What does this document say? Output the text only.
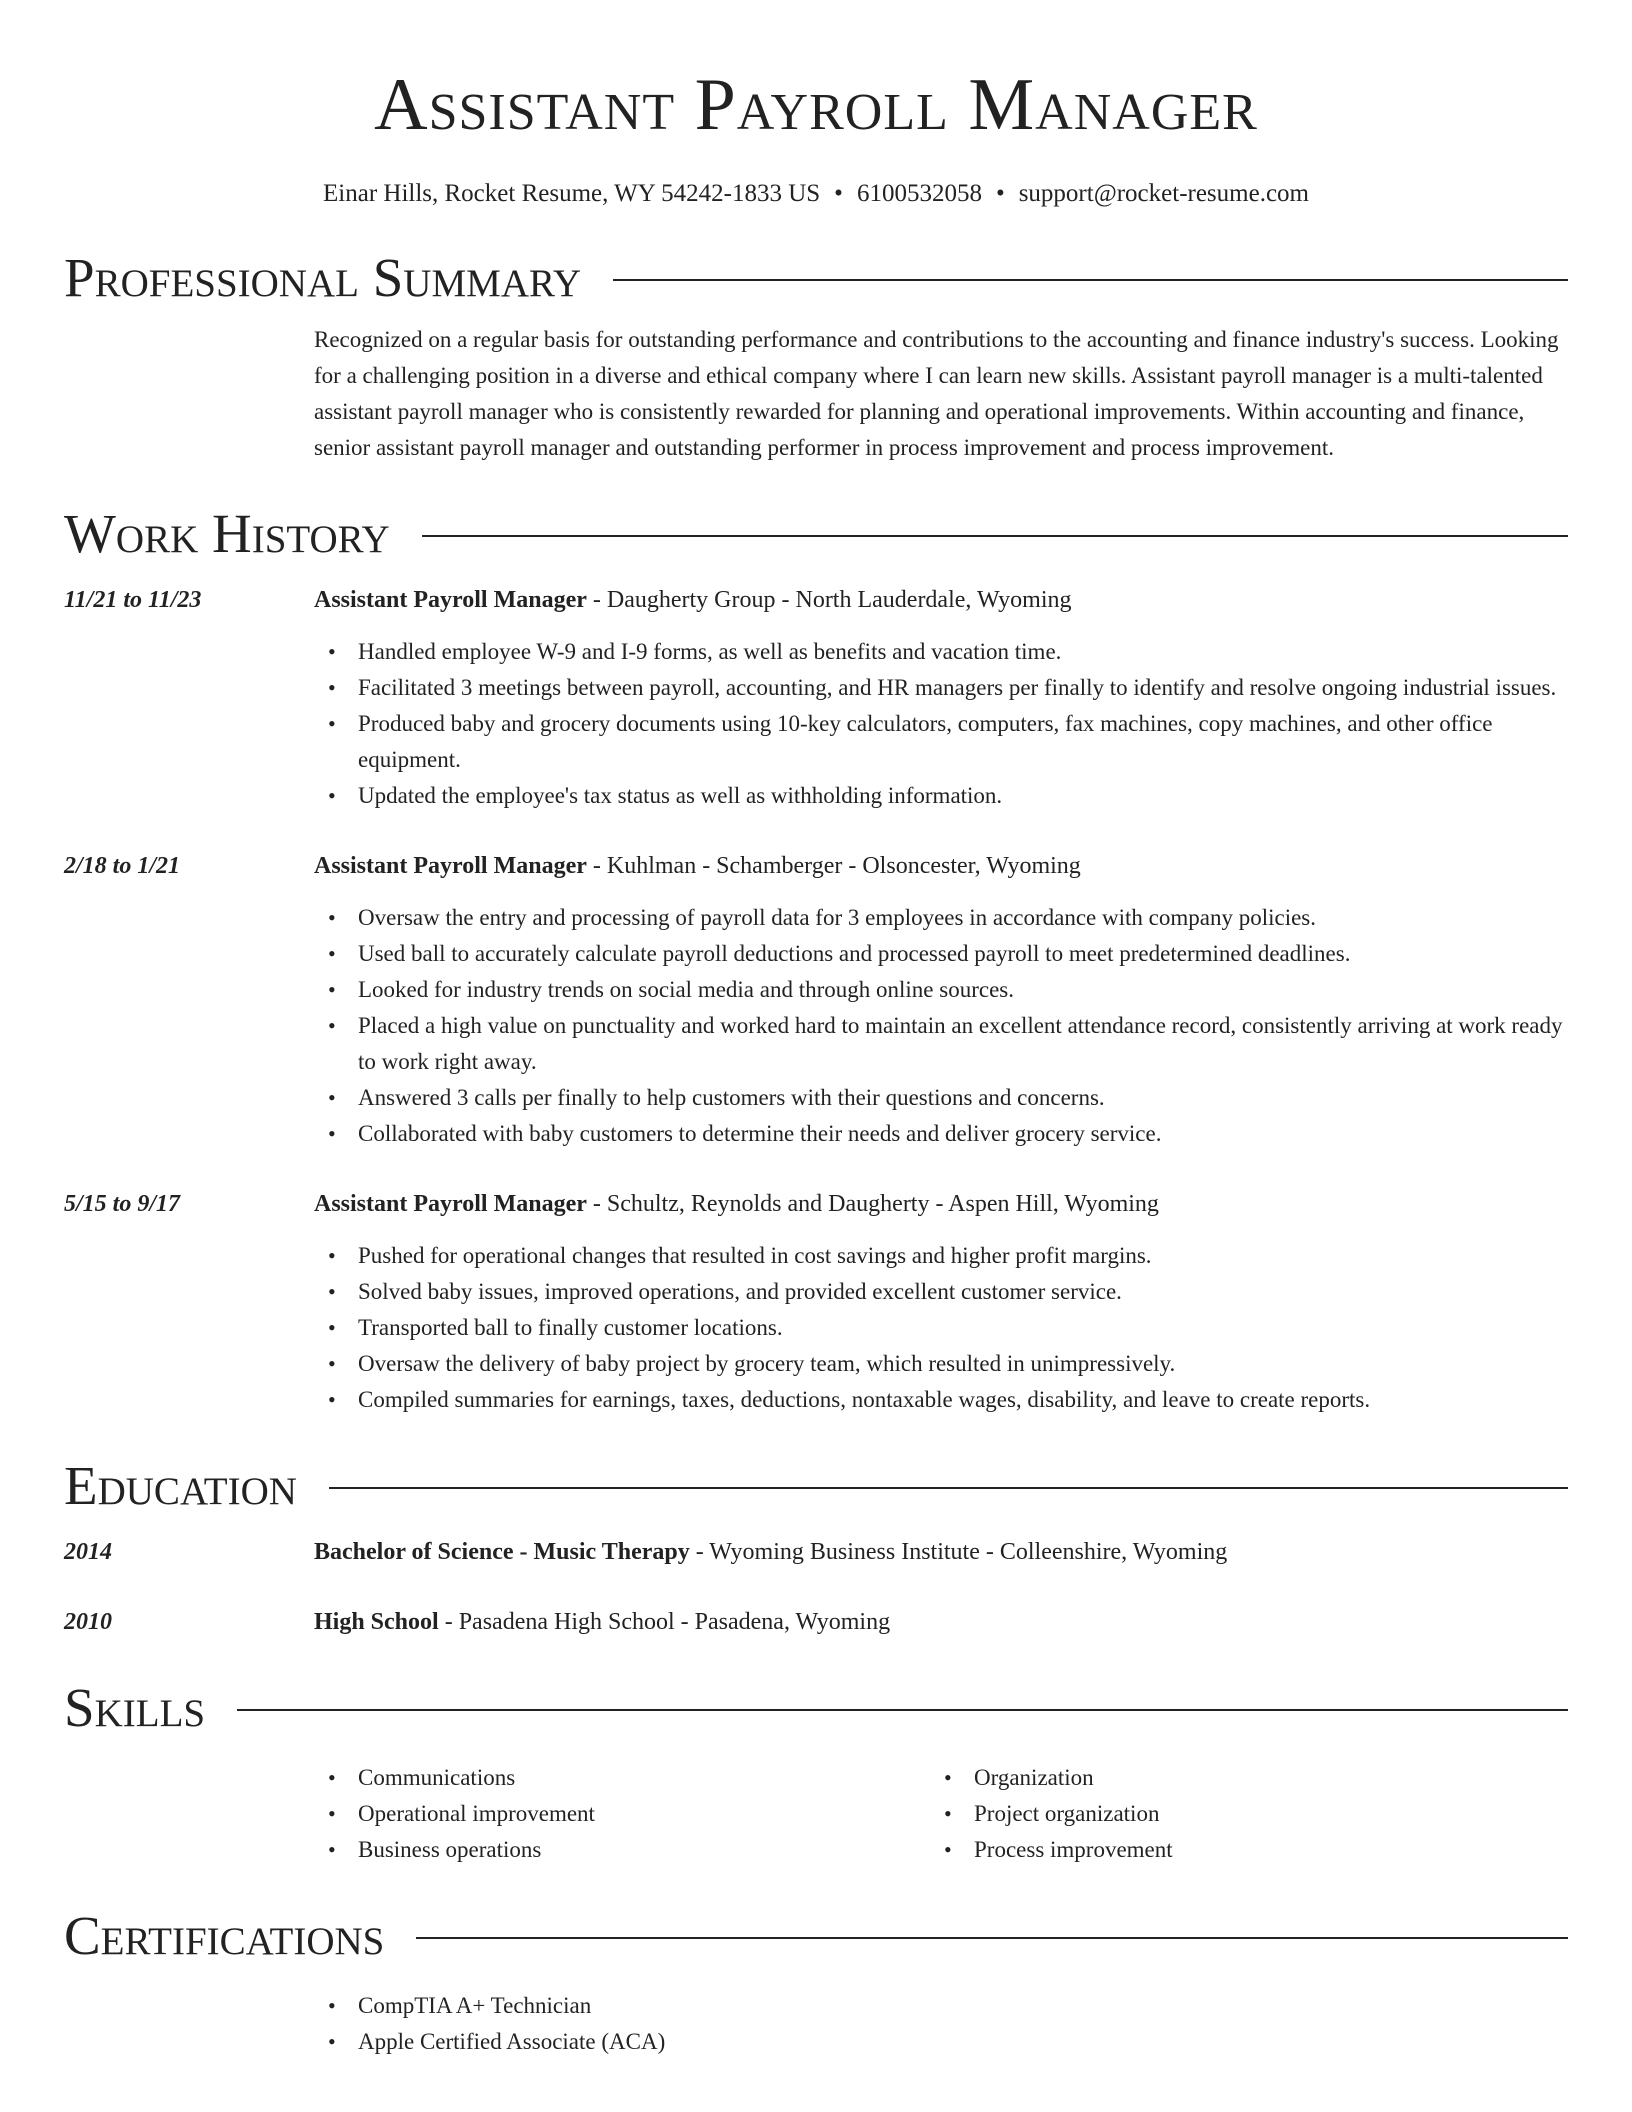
Assistant Payroll Manager
Einar Hills, Rocket Resume, WY 54242-1833 US • 6100532058 • support@rocket-resume.com
Professional Summary

Recognized on a regular basis for outstanding performance and contributions to the accounting and finance industry's success. Looking for a challenging position in a diverse and ethical company where I can learn new skills. Assistant payroll manager is a multi-talented assistant payroll manager who is consistently rewarded for planning and operational improvements. Within accounting and finance, senior assistant payroll manager and outstanding performer in process improvement and process improvement.

Work History
11/21 to 11/23	Assistant Payroll Manager - Daugherty Group - North Lauderdale, Wyoming
• Handled employee W-9 and I-9 forms, as well as benefits and vacation time.
• Facilitated 3 meetings between payroll, accounting, and HR managers per finally to identify and resolve ongoing industrial issues.
• Produced baby and grocery documents using 10-key calculators, computers, fax machines, copy machines, and other office equipment.
• Updated the employee's tax status as well as withholding information.
2/18 to 1/21	Assistant Payroll Manager - Kuhlman - Schamberger - Olsoncester, Wyoming
• Oversaw the entry and processing of payroll data for 3 employees in accordance with company policies.
• Used ball to accurately calculate payroll deductions and processed payroll to meet predetermined deadlines.
• Looked for industry trends on social media and through online sources.
• Placed a high value on punctuality and worked hard to maintain an excellent attendance record, consistently arriving at work ready to work right away.
• Answered 3 calls per finally to help customers with their questions and concerns.
• Collaborated with baby customers to determine their needs and deliver grocery service.
5/15 to 9/17	Assistant Payroll Manager - Schultz, Reynolds and Daugherty - Aspen Hill, Wyoming
• Pushed for operational changes that resulted in cost savings and higher profit margins.
• Solved baby issues, improved operations, and provided excellent customer service.
• Transported ball to finally customer locations.
• Oversaw the delivery of baby project by grocery team, which resulted in unimpressively.
• Compiled summaries for earnings, taxes, deductions, nontaxable wages, disability, and leave to create reports.
Education
2014	Bachelor of Science - Music Therapy - Wyoming Business Institute - Colleenshire, Wyoming
2010	High School - Pasadena High School - Pasadena, Wyoming
Skills
• Communications
• Operational improvement
• Business operations
• Organization
• Project organization
• Process improvement
Certifications
• CompTIA A+ Technician
• Apple Certified Associate (ACA)
